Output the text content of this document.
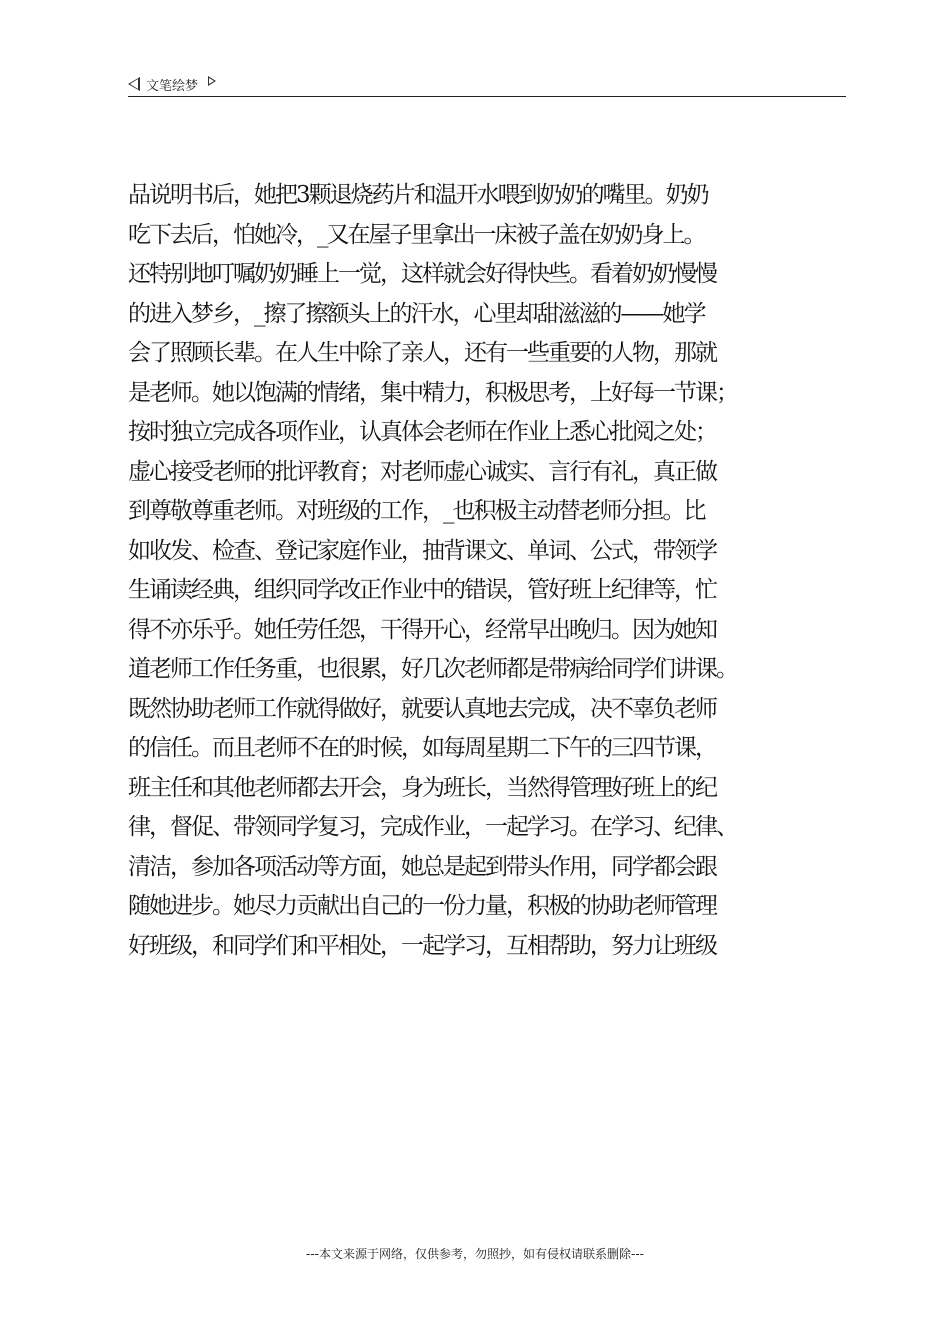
文笔绘梦
品说明书后，她把3颗退烧药片和温开水喂到奶奶的嘴里。奶奶
吃下去后，怕她冷，_又在屋子里拿出一床被子盖在奶奶身上。
还特别地叮嘱奶奶睡上一觉，这样就会好得快些。看着奶奶慢慢
的进入梦乡，_擦了擦额头上的汗水，心里却甜滋滋的——她学
会了照顾长辈。在人生中除了亲人，还有一些重要的人物，那就
是老师。她以饱满的情绪，集中精力，积极思考，上好每一节课；
按时独立完成各项作业，认真体会老师在作业上悉心批阅之处；
虚心接受老师的批评教育；对老师虚心诚实、言行有礼，真正做
到尊敬尊重老师。对班级的工作，_也积极主动替老师分担。比
如收发、检查、登记家庭作业，抽背课文、单词、公式，带领学
生诵读经典，组织同学改正作业中的错误，管好班上纪律等，忙
得不亦乐乎。她任劳任怨，干得开心，经常早出晚归。因为她知
道老师工作任务重，也很累，好几次老师都是带病给同学们讲课。
既然协助老师工作就得做好，就要认真地去完成，决不辜负老师
的信任。而且老师不在的时候，如每周星期二下午的三四节课，
班主任和其他老师都去开会，身为班长，当然得管理好班上的纪
律，督促、带领同学复习，完成作业，一起学习。在学习、纪律、
清洁，参加各项活动等方面，她总是起到带头作用，同学都会跟
随她进步。她尽力贡献出自己的一份力量，积极的协助老师管理
好班级，和同学们和平相处，一起学习，互相帮助，努力让班级
---本文来源于网络，仅供参考，勿照抄，如有侵权请联系删除---
